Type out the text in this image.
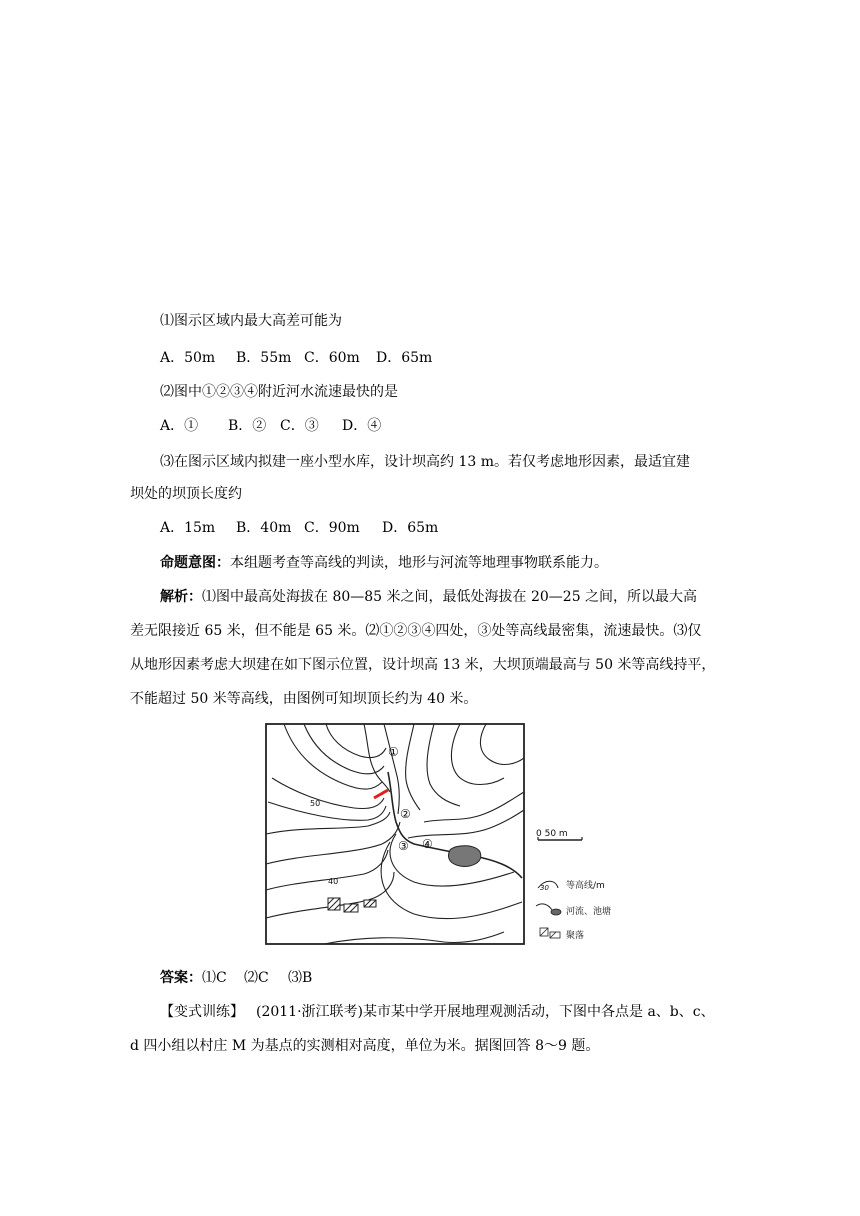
⑴图示区域内最大高差可能为
A．50m B．55m C．60m D．65m
⑵图中①②③④附近河水流速最快的是
A．① B．② C．③ D．④
⑶在图示区域内拟建一座小型水库，设计坝高约 13 m。若仅考虑地形因素，最适宜建
坝处的坝顶长度约
A．15m B．40m C．90m D．65m
命题意图：本组题考查等高线的判读，地形与河流等地理事物联系能力。
解析：⑴图中最高处海拔在 80—85 米之间，最低处海拔在 20—25 之间，所以最大高
差无限接近 65 米，但不能是 65 米。⑵①②③④四处，③处等高线最密集，流速最快。⑶仅
从地形因素考虑大坝建在如下图示位置，设计坝高 13 米，大坝顶端最高与 50 米等高线持平，
不能超过 50 米等高线，由图例可知坝顶长约为 40 米。
①
②
③ ④
50
40
0 50 m
30 等高线/m
河流、池塘
聚落
答案：⑴C ⑵C ⑶B
【变式训练】 (2011·浙江联考)某市某中学开展地理观测活动，下图中各点是 a、b、c、
d 四小组以村庄 M 为基点的实测相对高度，单位为米。据图回答 8～9 题。
